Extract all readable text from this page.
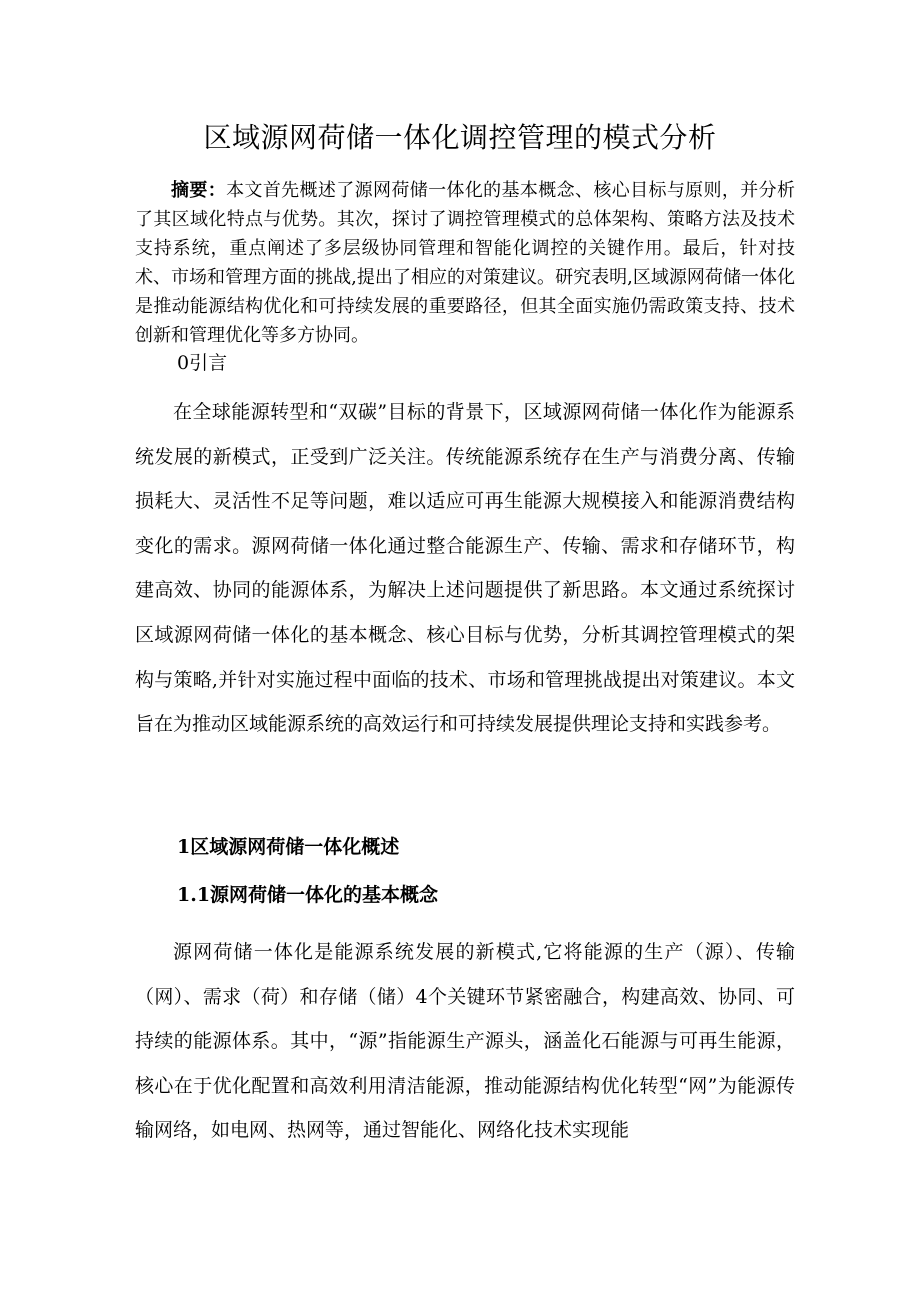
区域源网荷储一体化调控管理的模式分析
摘要：本文首先概述了源网荷储一体化的基本概念、核心目标与原则，并分析了其区域化特点与优势。其次，探讨了调控管理模式的总体架构、策略方法及技术支持系统，重点阐述了多层级协同管理和智能化调控的关键作用。最后，针对技术、市场和管理方面的挑战,提出了相应的对策建议。研究表明,区域源网荷储一体化是推动能源结构优化和可持续发展的重要路径，但其全面实施仍需政策支持、技术创新和管理优化等多方协同。
0引言
在全球能源转型和“双碳”目标的背景下，区域源网荷储一体化作为能源系统发展的新模式，正受到广泛关注。传统能源系统存在生产与消费分离、传输损耗大、灵活性不足等问题，难以适应可再生能源大规模接入和能源消费结构变化的需求。源网荷储一体化通过整合能源生产、传输、需求和存储环节，构建高效、协同的能源体系，为解决上述问题提供了新思路。本文通过系统探讨区域源网荷储一体化的基本概念、核心目标与优势，分析其调控管理模式的架构与策略,并针对实施过程中面临的技术、市场和管理挑战提出对策建议。本文旨在为推动区域能源系统的高效运行和可持续发展提供理论支持和实践参考。
1区域源网荷储一体化概述
1.1源网荷储一体化的基本概念
源网荷储一体化是能源系统发展的新模式,它将能源的生产（源）、传输（网）、需求（荷）和存储（储）4个关键环节紧密融合，构建高效、协同、可持续的能源体系。其中，“源”指能源生产源头，涵盖化石能源与可再生能源，核心在于优化配置和高效利用清洁能源，推动能源结构优化转型“网”为能源传输网络，如电网、热网等，通过智能化、网络化技术实现能
